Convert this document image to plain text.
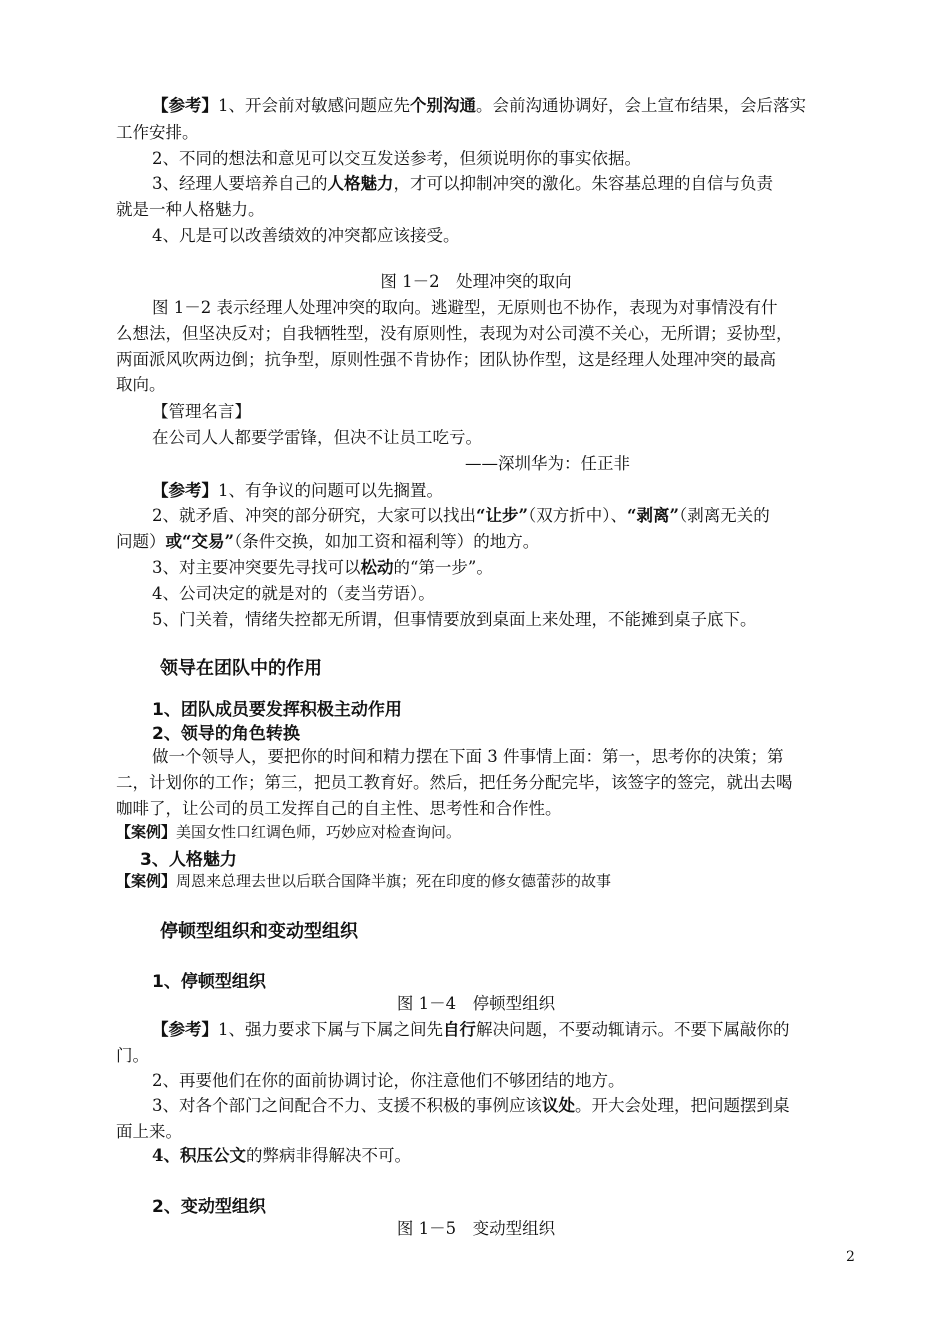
【参考】1、开会前对敏感问题应先个别沟通。会前沟通协调好，会上宣布结果，会后落实
工作安排。
2、不同的想法和意见可以交互发送参考，但须说明你的事实依据。
3、经理人要培养自己的人格魅力，才可以抑制冲突的激化。朱容基总理的自信与负责
就是一种人格魅力。
4、凡是可以改善绩效的冲突都应该接受。
图 1－2　处理冲突的取向
图 1－2 表示经理人处理冲突的取向。逃避型，无原则也不协作，表现为对事情没有什
么想法，但坚决反对；自我牺牲型，没有原则性，表现为对公司漠不关心，无所谓；妥协型，
两面派风吹两边倒；抗争型，原则性强不肯协作；团队协作型，这是经理人处理冲突的最高
取向。
【管理名言】
在公司人人都要学雷锋，但决不让员工吃亏。
——深圳华为：任正非
【参考】1、有争议的问题可以先搁置。
2、就矛盾、冲突的部分研究，大家可以找出“让步”（双方折中）、“剥离”（剥离无关的
问题）或“交易”（条件交换，如加工资和福利等）的地方。
3、对主要冲突要先寻找可以松动的“第一步”。
4、公司决定的就是对的（麦当劳语）。
5、门关着，情绪失控都无所谓，但事情要放到桌面上来处理，不能摊到桌子底下。
领导在团队中的作用
1、团队成员要发挥积极主动作用
2、领导的角色转换
做一个领导人，要把你的时间和精力摆在下面 3 件事情上面：第一，思考你的决策；第
二，计划你的工作；第三，把员工教育好。然后，把任务分配完毕，该签字的签完，就出去喝
咖啡了，让公司的员工发挥自己的自主性、思考性和合作性。
【案例】美国女性口红调色师，巧妙应对检查询问。
3、人格魅力
【案例】周恩来总理去世以后联合国降半旗；死在印度的修女德蕾莎的故事
停顿型组织和变动型组织
1、停顿型组织
图 1－4　停顿型组织
【参考】1、强力要求下属与下属之间先自行解决问题，不要动辄请示。不要下属敲你的
门。
2、再要他们在你的面前协调讨论，你注意他们不够团结的地方。
3、对各个部门之间配合不力、支援不积极的事例应该议处。开大会处理，把问题摆到桌
面上来。
4、积压公文的弊病非得解决不可。
2、变动型组织
图 1－5　变动型组织
2
